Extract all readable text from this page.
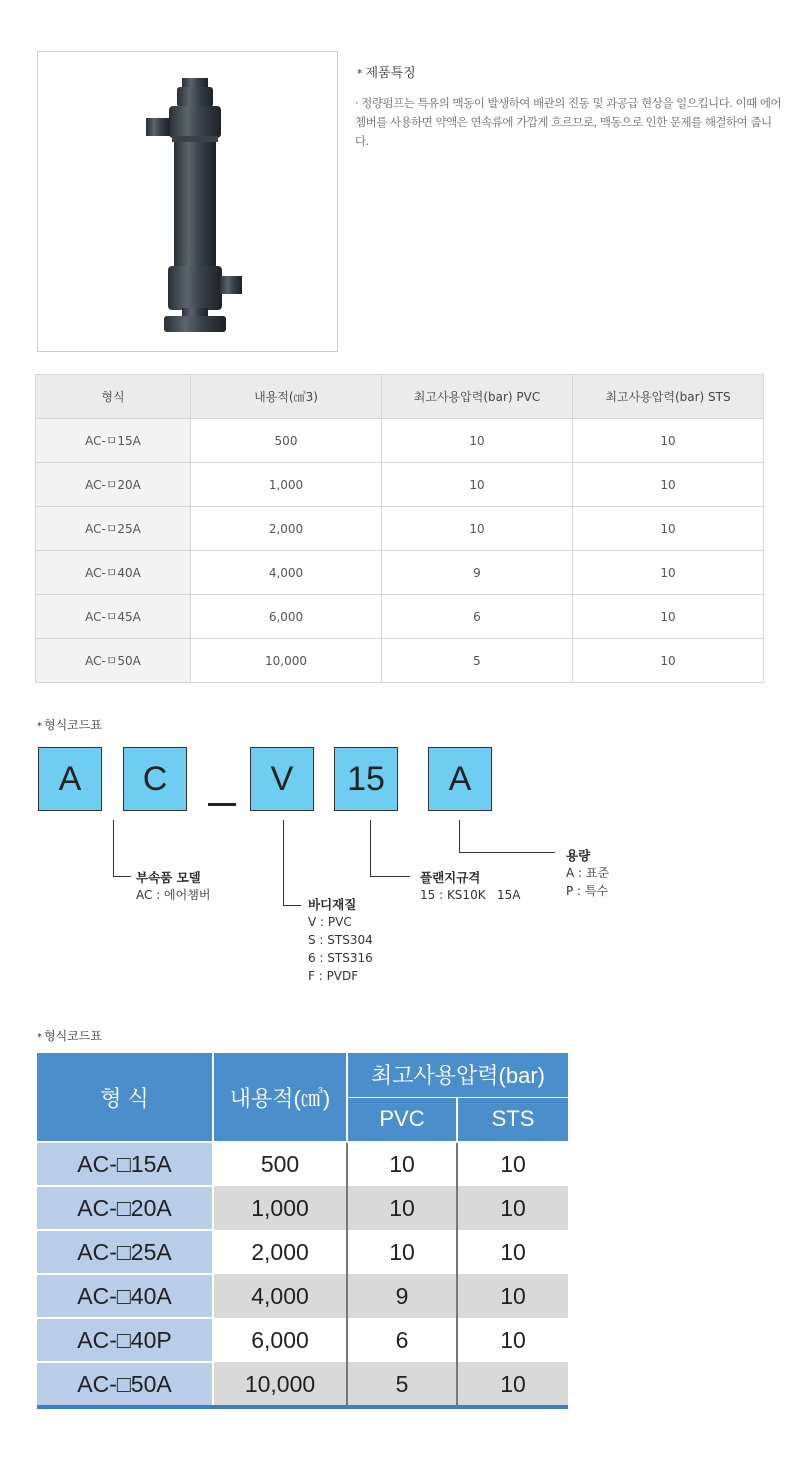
* 제품특징
· 정량펌프는 특유의 맥동이 발생하여 배관의 진동 및 과공급 현상을 일으킵니다. 이때 에어쳄버를 사용하면 약액은 연속류에 가깝게 흐르므로, 맥동으로 인한 문제를 해결하여 줍니다.
형식	내용적(㎤3)	최고사용압력(bar) PVC	최고사용압력(bar) STS
AC-ㅁ15A	500	10	10
AC-ㅁ20A	1,000	10	10
AC-ㅁ25A	2,000	10	10
AC-ㅁ40A	4,000	9	10
AC-ㅁ45A	6,000	6	10
AC-ㅁ50A	10,000	5	10
* 형식코드표
A	C	V	15	A
부속품 모델
AC : 에어챔버
바디재질
V : PVC
S : STS304
6 : STS316
F : PVDF
플랜지규격
15 : KS10K   15A
용량
A : 표준
P : 특수
* 형식코드표
형 식	내용적(㎤)	최고사용압력(bar)	
		PVC	STS
AC-□15A	500	10	10
AC-□20A	1,000	10	10
AC-□25A	2,000	10	10
AC-□40A	4,000	9	10
AC-□40P	6,000	6	10
AC-□50A	10,000	5	10
